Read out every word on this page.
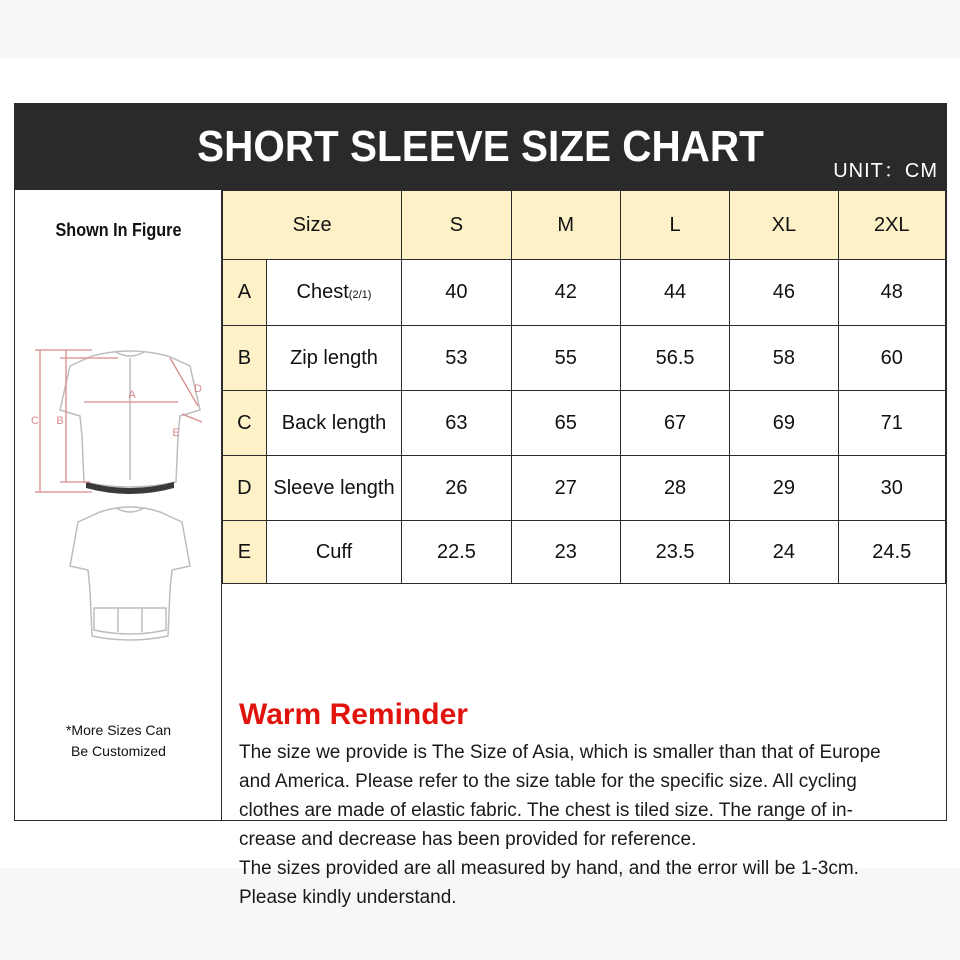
SHORT SLEEVE SIZE CHART	UNIT：CM
Shown In Figure
C B
A	D
E
*More Sizes Can
Be Customized
Size		S	M	L	XL	2XL
A	Chest(2/1)	40	42	44	46	48
B	Zip length	53	55	56.5	58	60
C	Back length	63	65	67	69	71
D	Sleeve length	26	27	28	29	30
E	Cuff	22.5	23	23.5	24	24.5
Warm Reminder

The size we provide is The Size of Asia, which is smaller than that of Europe
and America. Please refer to the size table for the specific size. All cycling
clothes are made of elastic fabric. The chest is tiled size. The range of in-
crease and decrease has been provided for reference.
The sizes provided are all measured by hand, and the error will be 1-3cm.
Please kindly understand.
